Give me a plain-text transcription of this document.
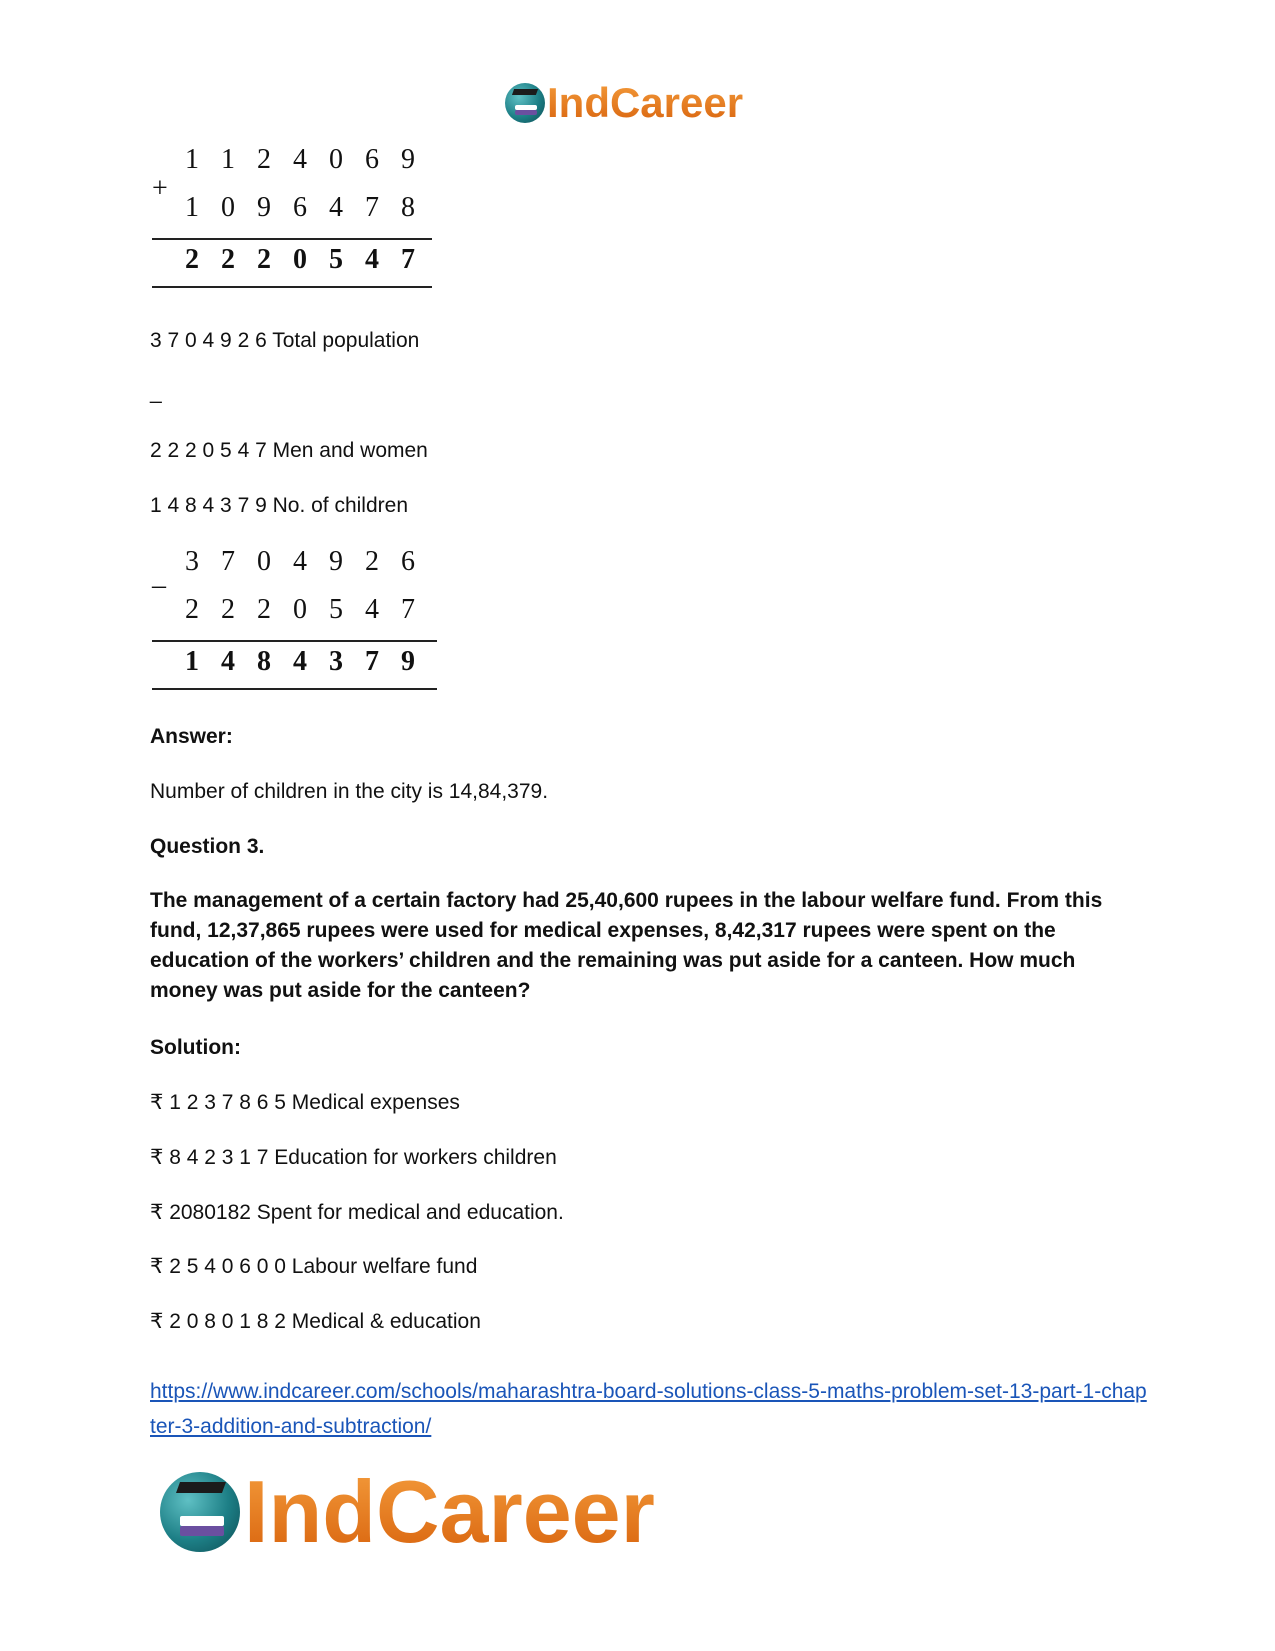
IndCareer
+
1 1 2 4 0 6 9
1 0 9 6 4 7 8
2 2 2 0 5 4 7
3 7 0 4 9 2 6 Total population
_
2 2 2 0 5 4 7 Men and women
1 4 8 4 3 7 9 No. of children
–
3 7 0 4 9 2 6
2 2 2 0 5 4 7
1 4 8 4 3 7 9
Answer:
Number of children in the city is 14,84,379.
Question 3.
The management of a certain factory had 25,40,600 rupees in the labour welfare fund. From this fund, 12,37,865 rupees were used for medical expenses, 8,42,317 rupees were spent on the education of the workers’ children and the remaining was put aside for a canteen. How much money was put aside for the canteen?
Solution:
₹ 1 2 3 7 8 6 5 Medical expenses
₹ 8 4 2 3 1 7 Education for workers children
₹ 2080182 Spent for medical and education.
₹ 2 5 4 0 6 0 0 Labour welfare fund
₹ 2 0 8 0 1 8 2 Medical & education
https://www.indcareer.com/schools/maharashtra-board-solutions-class-5-maths-problem-set-13-part-1-chapter-3-addition-and-subtraction/
IndCareer
